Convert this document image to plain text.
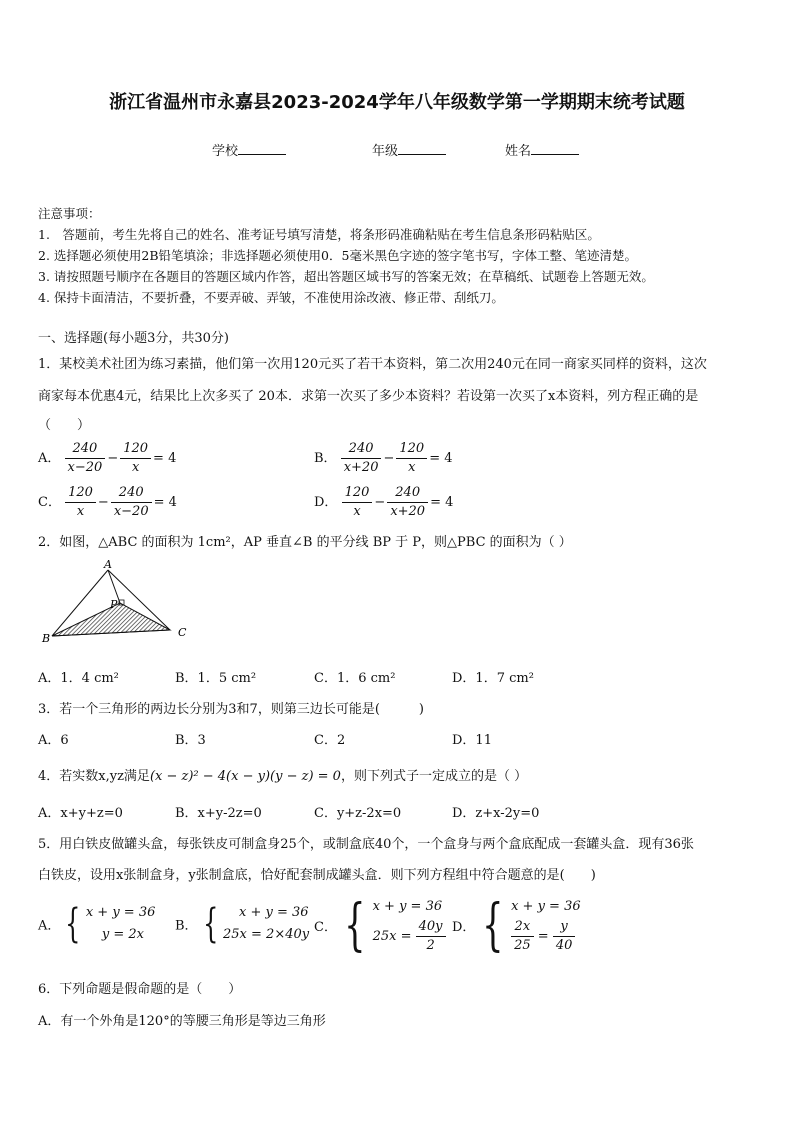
浙江省温州市永嘉县2023-2024学年八年级数学第一学期期末统考试题
学校	年级	姓名
注意事项：
1.　答题前，考生先将自己的姓名、准考证号填写清楚，将条形码准确粘贴在考生信息条形码粘贴区。
2. 选择题必须使用2B铅笔填涂；非选择题必须使用0．5毫米黑色字迹的签字笔书写，字体工整、笔迹清楚。
3. 请按照题号顺序在各题目的答题区域内作答，超出答题区域书写的答案无效；在草稿纸、试题卷上答题无效。
4. 保持卡面清洁，不要折叠，不要弄破、弄皱，不准使用涂改液、修正带、刮纸刀。
一、选择题(每小题3分，共30分)
1．某校美术社团为练习素描，他们第一次用120元买了若干本资料，第二次用240元在同一商家买同样的资料，这次
商家每本优惠4元，结果比上次多买了 20本．求第一次买了多少本资料？若设第一次买了x本资料，列方程正确的是
（　　）
A． $\frac{240}{x-20} - \frac{120}{x} = 4$	B． $\frac{240}{x+20} - \frac{120}{x} = 4$
C． $\frac{120}{x} - \frac{240}{x-20} = 4$	D． $\frac{120}{x} - \frac{240}{x+20} = 4$
2．如图，△ABC 的面积为 1cm²，AP 垂直∠B 的平分线 BP 于 P，则△PBC 的面积为（ ）
A
B	C
P
A．1．4 cm²	B．1．5 cm²	C．1．6 cm²	D．1．7 cm²
3．若一个三角形的两边长分别为3和7，则第三边长可能是(　　　)
A．6	B．3	C．2	D．11
4．若实数x,yz满足(x − z)² − 4(x − y)(y − z) = 0，则下列式子一定成立的是（ ）
A．x+y+z=0	B．x+y-2z=0	C．y+z-2x=0	D．z+x-2y=0
5．用白铁皮做罐头盒，每张铁皮可制盒身25个，或制盒底40个，一个盒身与两个盒底配成一套罐头盒．现有36张
白铁皮，设用x张制盒身，y张制盒底，恰好配套制成罐头盒．则下列方程组中符合题意的是(　　)
A． { x + y = 36
y = 2x
B． {	x + y = 36
25x = 2×40y C． { x + y = 36
$25x = \frac{40y}{2}$ D． { x + y = 36
$\frac{2x}{25} = \frac{y}{40}$
6．下列命题是假命题的是（　　）
A．有一个外角是120°的等腰三角形是等边三角形
